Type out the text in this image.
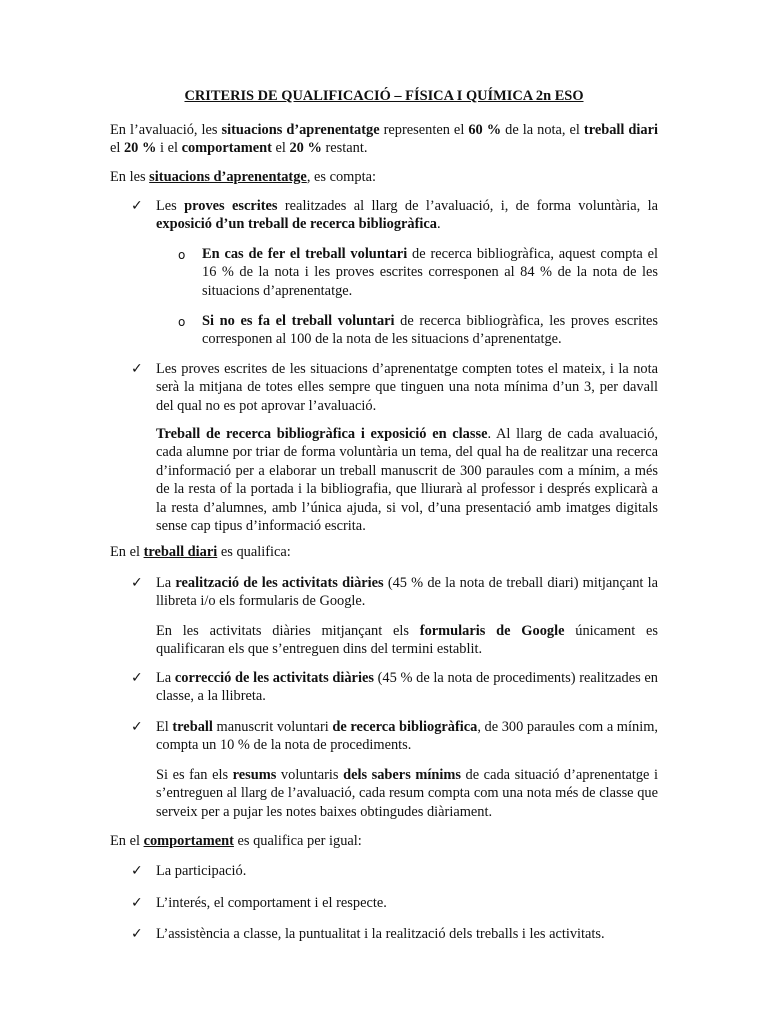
CRITERIS DE QUALIFICACIÓ – FÍSICA I QUÍMICA 2n ESO
En l’avaluació, les situacions d’aprenentatge representen el 60 % de la nota, el treball diari el 20 % i el comportament el 20 % restant.
En les situacions d’aprenentatge, es compta:
✓ Les proves escrites realitzades al llarg de l’avaluació, i, de forma voluntària, la exposició d’un treball de recerca bibliogràfica.
o	En cas de fer el treball voluntari de recerca bibliogràfica, aquest compta el 16 % de la nota i les proves escrites corresponen al 84 % de la nota de les situacions d’aprenentatge.
o	Si no es fa el treball voluntari de recerca bibliogràfica, les proves escrites corresponen al 100 de la nota de les situacions d’aprenentatge.
✓ Les proves escrites de les situacions d’aprenentatge compten totes el mateix, i la nota serà la mitjana de totes elles sempre que tinguen una nota mínima d’un 3, per davall del qual no es pot aprovar l’avaluació.
Treball de recerca bibliogràfica i exposició en classe. Al llarg de cada avaluació, cada alumne por triar de forma voluntària un tema, del qual ha de realitzar una recerca d’informació per a elaborar un treball manuscrit de 300 paraules com a mínim, a més de la resta of la portada i la bibliografia, que lliurarà al professor i després explicarà a la resta d’alumnes, amb l’única ajuda, si vol, d’una presentació amb imatges digitals sense cap tipus d’informació escrita.
En el treball diari es qualifica:
✓ La realització de les activitats diàries (45 % de la nota de treball diari) mitjançant la llibreta i/o els formularis de Google.
En les activitats diàries mitjançant els formularis de Google únicament es qualificaran els que s’entreguen dins del termini establit.
✓ La correcció de les activitats diàries (45 % de la nota de procediments) realitzades en classe, a la llibreta.
✓ El treball manuscrit voluntari de recerca bibliogràfica, de 300 paraules com a mínim, compta un 10 % de la nota de procediments.
Si es fan els resums voluntaris dels sabers mínims de cada situació d’aprenentatge i s’entreguen al llarg de l’avaluació, cada resum compta com una nota més de classe que serveix per a pujar les notes baixes obtingudes diàriament.
En el comportament es qualifica per igual:
✓ La participació.
✓ L’interés, el comportament i el respecte.
✓ L’assistència a classe, la puntualitat i la realització dels treballs i les activitats.
